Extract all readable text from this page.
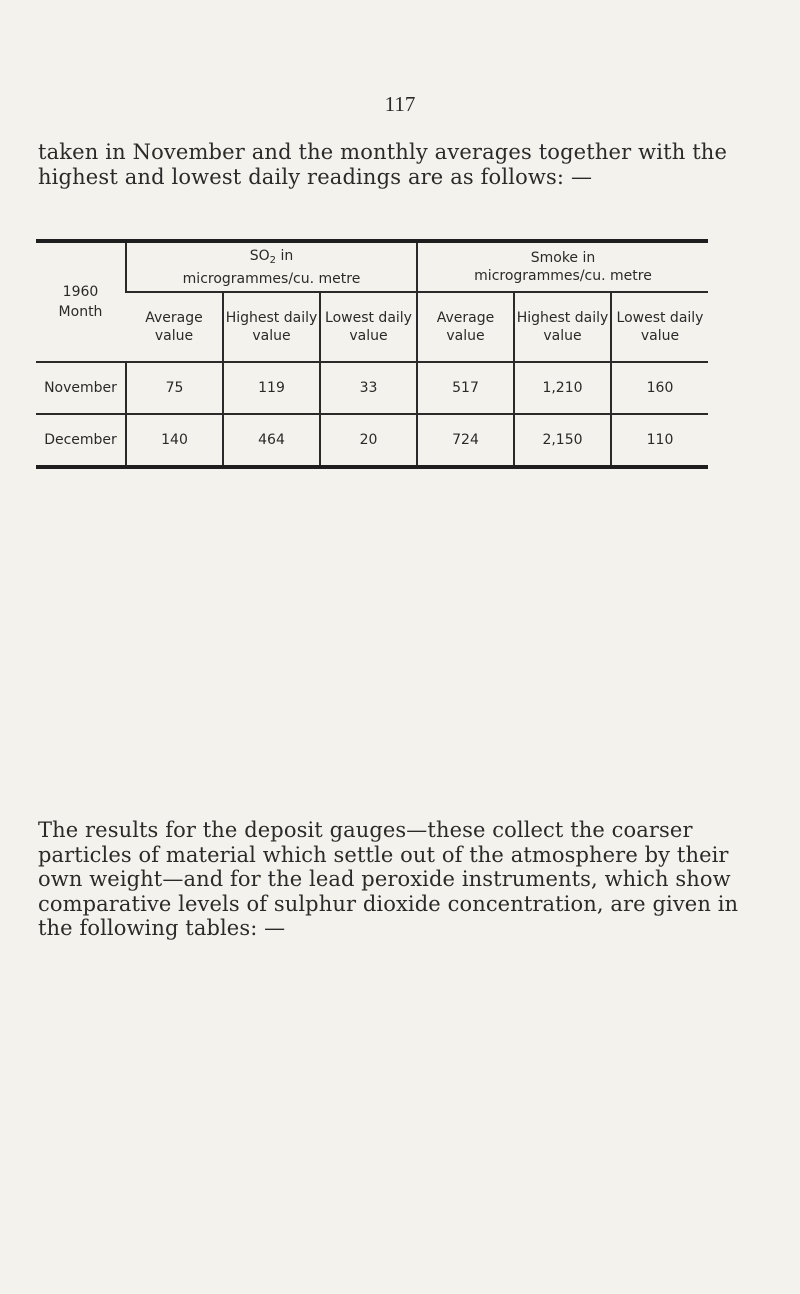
117
taken in November and the monthly averages together with the highest and lowest daily readings are as follows: —
1960
Month	$SO_2$ in
microgrammes/cu. metre			Smoke in
microgrammes/cu. metre		
	Average value	Highest daily value	Lowest daily value	Average value	Highest daily value	Lowest daily value
November	75	119	33	517	1,210	160
December	140	464	20	724	2,150	110

The results for the deposit gauges—these collect the coarser particles of material which settle out of the atmosphere by their own weight—and for the lead peroxide instruments, which show comparative levels of sulphur dioxide concentration, are given in the following tables: —
